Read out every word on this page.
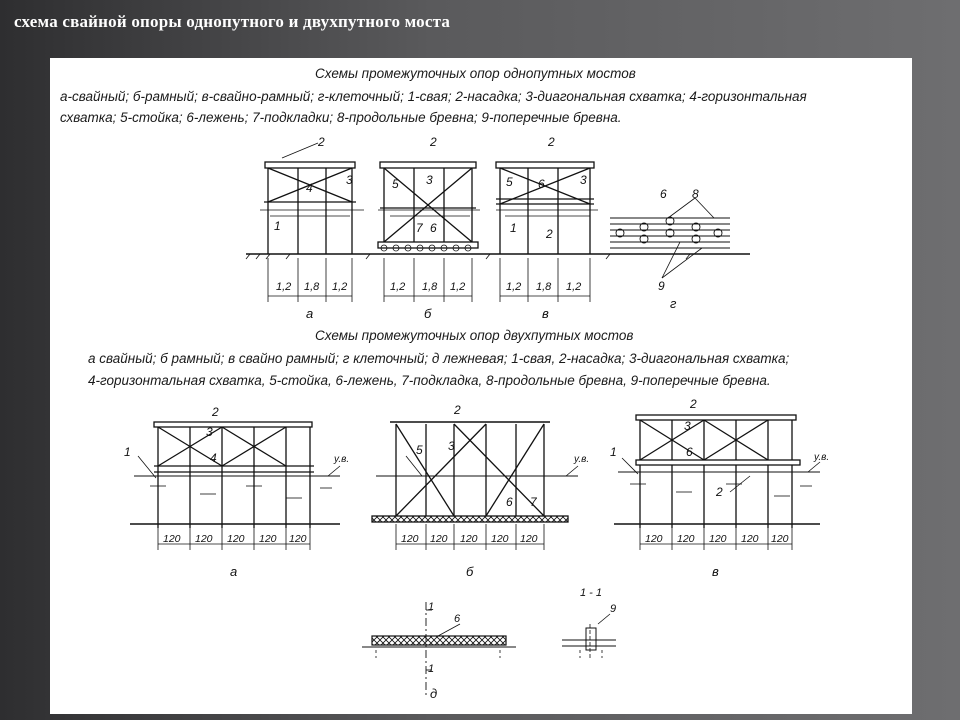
схема свайной опоры однопутного и двухпутного моста
Схемы промежуточных опор однопутных мостов
а-свайный; б-рамный; в-свайно-рамный; г-клеточный; 1-свая; 2-насадка; 3-диагональная схватка; 4-горизонтальная
схватка; 5-стойка; 6-лежень; 7-подкладки; 8-продольные бревна; 9-поперечные бревна.
Схемы промежуточных опор двухпутных мостов
а свайный; б рамный; в свайно рамный; г клеточный; д лежневая; 1-свая, 2-насадка; 3-диагональная схватка;
4-горизонтальная схватка, 5-стойка, 6-лежень, 7-подкладка, 8-продольные бревна, 9-поперечные бревна.
2
3
4
1
2
3
5
7 6
2
5 6	3
1 2
6 8
9
1,2 1,8 1,2	1,2 1,8 1,2	1,2 1,8 1,2
а	б	в
г
2
3
4
1
2
3
5
6 7
2
3
6
2
1
у.в.	у.в.	у.в.
120 120 120 120 120	120 120 120 120 120	120 120 120 120 120
а	б	в
1 - 1
1
6
1
9
д
